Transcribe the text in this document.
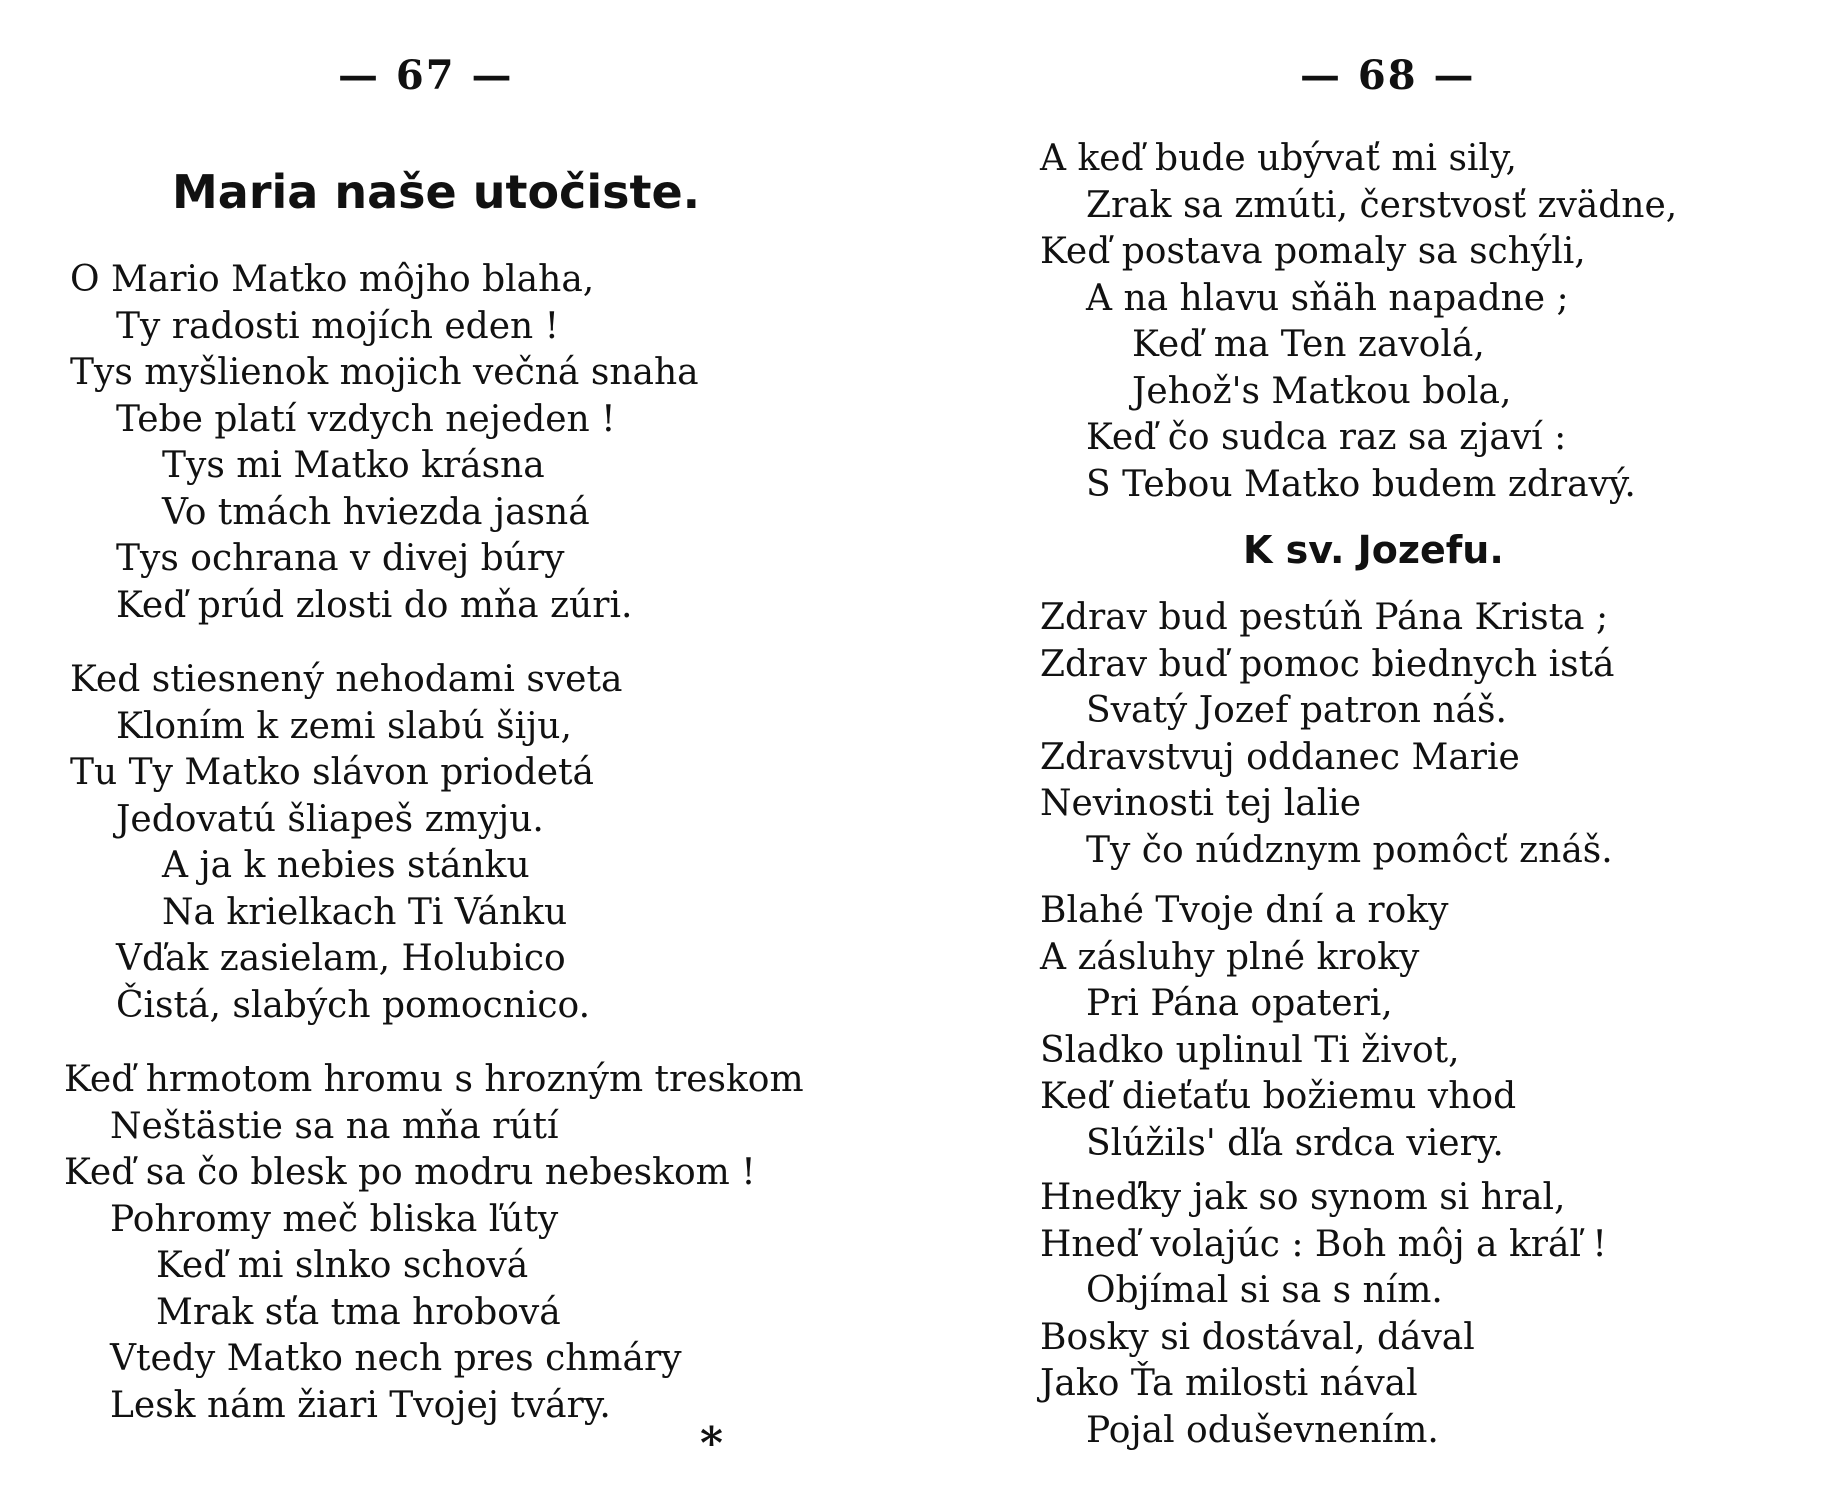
— 67 —
Maria naše utočiste.
O Mario Matko môjho blaha,
Ty radosti mojích eden !
Tys myšlienok mojich večná snaha
Tebe platí vzdych nejeden !
Tys mi Matko krásna
Vo tmách hviezda jasná
Tys ochrana v divej búry
Keď prúd zlosti do mňa zúri.
Ked stiesnený nehodami sveta
Kloním k zemi slabú šiju,
Tu Ty Matko slávon priodetá
Jedovatú šliapeš zmyju.
A ja k nebies stánku
Na krielkach Ti Vánku
Vďak zasielam, Holubico
Čistá, slabých pomocnico.
Keď hrmotom hromu s hrozným treskom
Neštästie sa na mňa rútí
Keď sa čo blesk po modru nebeskom !
Pohromy meč bliska ľúty
Keď mi slnko schová
Mrak sťa tma hrobová
Vtedy Matko nech pres chmáry
Lesk nám žiari Tvojej tváry.
*
— 68 —
A keď bude ubývať mi sily,
Zrak sa zmúti, čerstvosť zvädne,
Keď postava pomaly sa schýli,
A na hlavu sňäh napadne ;
Keď ma Ten zavolá,
Jehož's Matkou bola,
Keď čo sudca raz sa zjaví :
S Tebou Matko budem zdravý.
K sv. Jozefu.
Zdrav bud pestúň Pána Krista ;
Zdrav buď pomoc biednych istá
Svatý Jozef patron náš.
Zdravstvuj oddanec Marie
Nevinosti tej lalie
Ty čo núdznym pomôcť znáš.
Blahé Tvoje dní a roky
A zásluhy plné kroky
Pri Pána opateri,
Sladko uplinul Ti život,
Keď dieťaťu božiemu vhod
Slúžils' dľa srdca viery.
Hneďky jak so synom si hral,
Hneď volajúc : Boh môj a kráľ !
Objímal si sa s ním.
Bosky si dostával, dával
Jako Ťa milosti nával
Pojal oduševnením.
